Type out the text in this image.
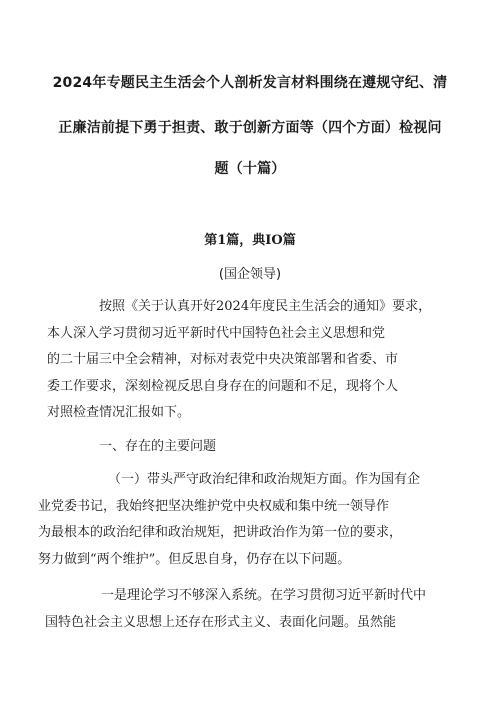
2024年专题民主生活会个人剖析发言材料围绕在遵规守纪、清
正廉洁前提下勇于担责、敢于创新方面等（四个方面）检视问
题（十篇）
第1篇，典IO篇
(国企领导)
按照《关于认真开好2024年度民主生活会的通知》要求，
本人深入学习贯彻习近平新时代中国特色社会主义思想和党
的二十届三中全会精神，对标对表党中央决策部署和省委、市
委工作要求，深刻检视反思自身存在的问题和不足，现将个人
对照检查情况汇报如下。
一、存在的主要问题
（一）带头严守政治纪律和政治规矩方面。作为国有企
业党委书记，我始终把坚决维护党中央权威和集中统一领导作
为最根本的政治纪律和政治规矩，把讲政治作为第一位的要求，
努力做到“两个维护”。但反思自身，仍存在以下问题。
一是理论学习不够深入系统。在学习贯彻习近平新时代中
国特色社会主义思想上还存在形式主义、表面化问题。虽然能
